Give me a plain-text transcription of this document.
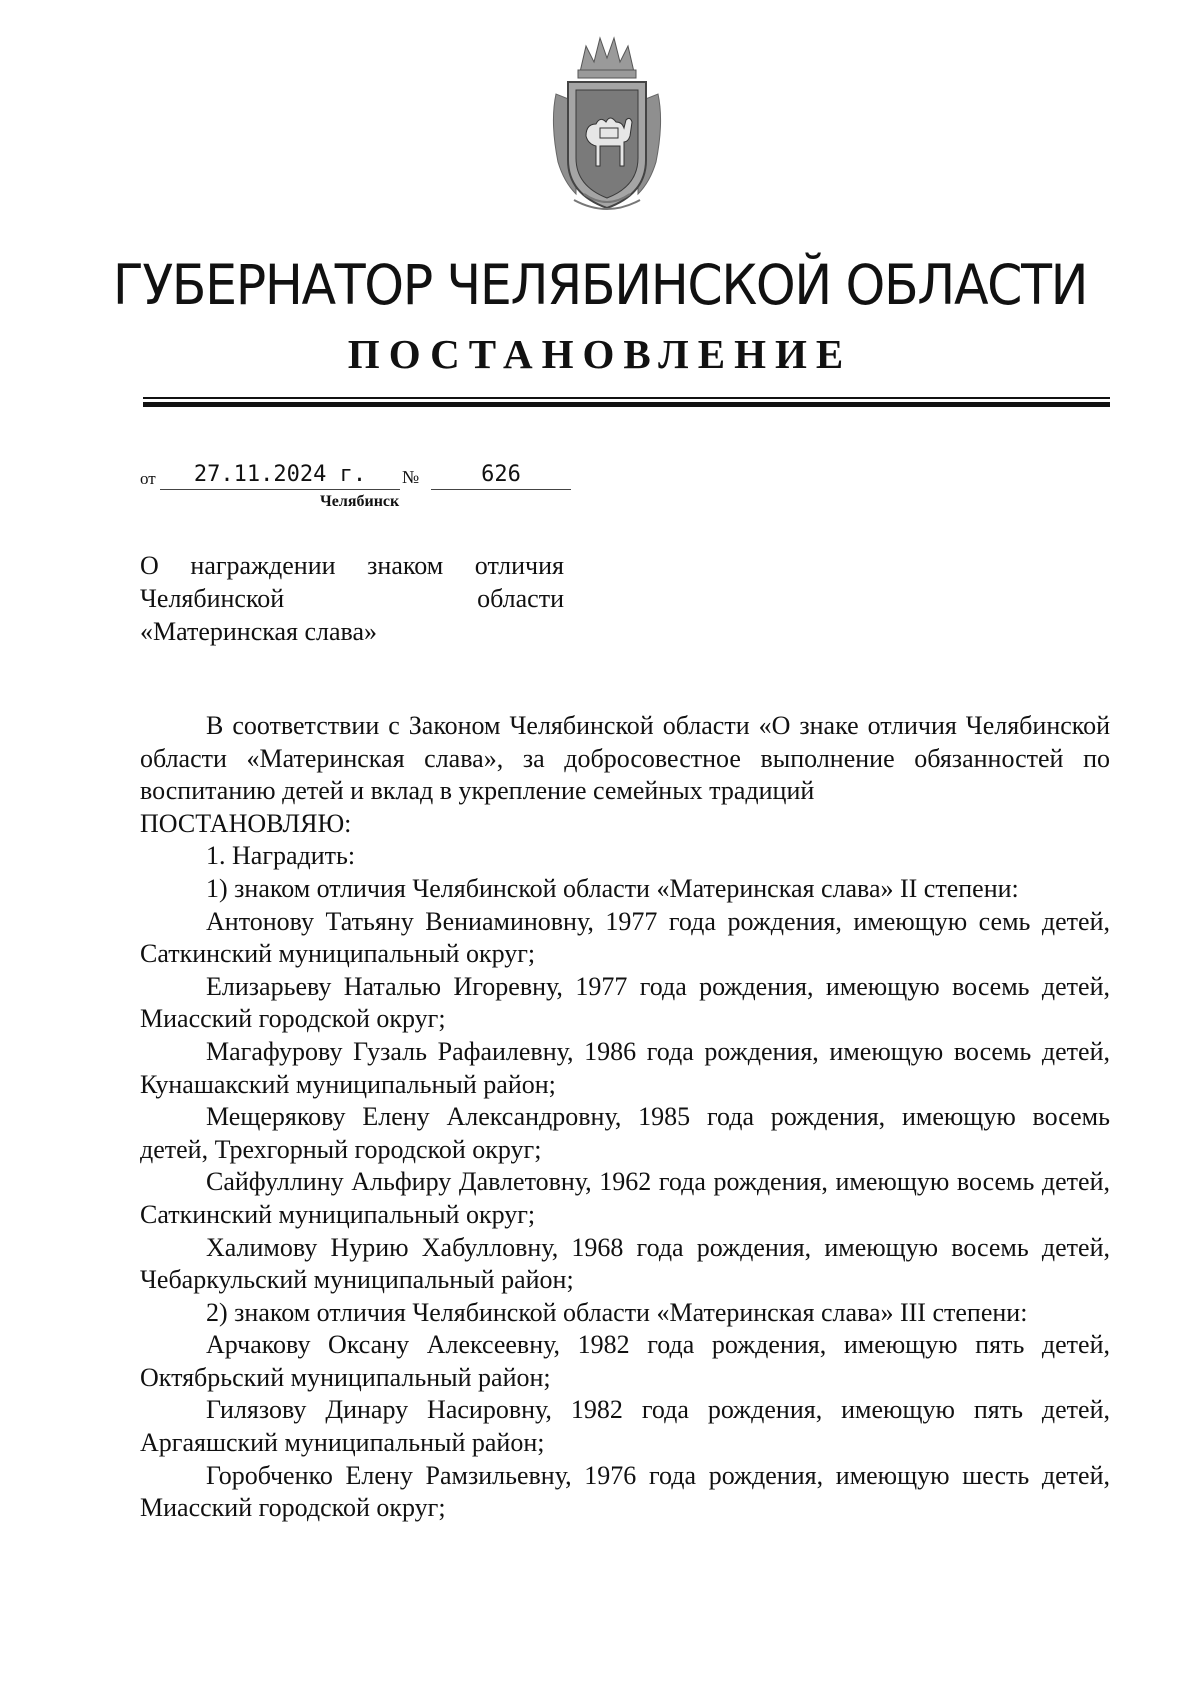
ГУБЕРНАТОР ЧЕЛЯБИНСКОЙ ОБЛАСТИ
ПОСТАНОВЛЕНИЕ
от	27.11.2024 г.	№	626
Челябинск
О награждении знаком отличия
Челябинской	области
«Материнская слава»

В соответствии с Законом Челябинской области «О знаке отличия Челябинской области «Материнская слава», за добросовестное выполнение обязанностей по воспитанию детей и вклад в укрепление семейных традиций

ПОСТАНОВЛЯЮ:

1. Наградить:

1) знаком отличия Челябинской области «Материнская слава» II степени:

Антонову Татьяну Вениаминовну, 1977 года рождения, имеющую семь детей, Саткинский муниципальный округ;

Елизарьеву Наталью Игоревну, 1977 года рождения, имеющую восемь детей, Миасский городской округ;

Магафурову Гузаль Рафаилевну, 1986 года рождения, имеющую восемь детей, Кунашакский муниципальный район;

Мещерякову Елену Александровну, 1985 года рождения, имеющую восемь детей, Трехгорный городской округ;

Сайфуллину Альфиру Давлетовну, 1962 года рождения, имеющую восемь детей, Саткинский муниципальный округ;

Халимову Нурию Хабулловну, 1968 года рождения, имеющую восемь детей, Чебаркульский муниципальный район;

2) знаком отличия Челябинской области «Материнская слава» III степени:

Арчакову Оксану Алексеевну, 1982 года рождения, имеющую пять детей, Октябрьский муниципальный район;

Гилязову Динару Насировну, 1982 года рождения, имеющую пять детей, Аргаяшский муниципальный район;

Горобченко Елену Рамзильевну, 1976 года рождения, имеющую шесть детей, Миасский городской округ;
